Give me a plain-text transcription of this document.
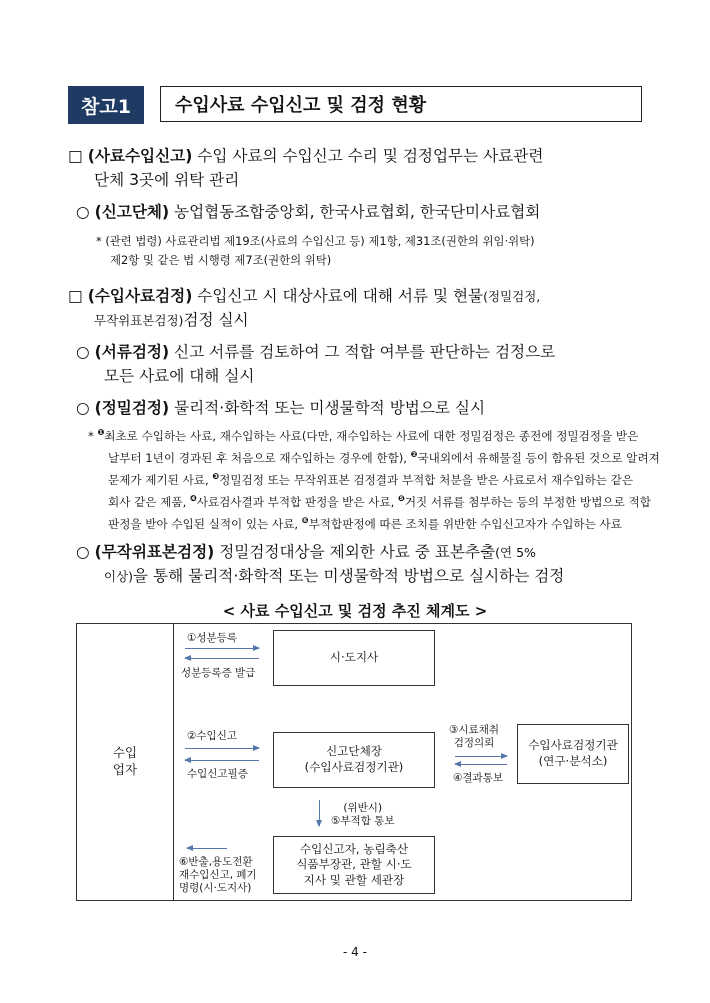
참고1	수입사료 수입신고 및 검정 현황

□ (사료수입신고) 수입 사료의 수입신고 수리 및 검정업무는 사료관련

단체 3곳에 위탁 관리

○ (신고단체) 농업협동조합중앙회, 한국사료협회, 한국단미사료협회

* (관련 법령) 사료관리법 제19조(사료의 수입신고 등) 제1항, 제31조(권한의 위임·위탁)

제2항 및 같은 법 시행령 제7조(권한의 위탁)

□ (수입사료검정) 수입신고 시 대상사료에 대해 서류 및 현물(정밀검정,

무작위표본검정)검정 실시

○ (서류검정) 신고 서류를 검토하여 그 적합 여부를 판단하는 검정으로

모든 사료에 대해 실시

○ (정밀검정) 물리적·화학적 또는 미생물학적 방법으로 실시

* $^❶$최초로 수입하는 사료, 재수입하는 사료(다만, 재수입하는 사료에 대한 정밀검정은 종전에 정밀검정을 받은

날부터 1년이 경과된 후 처음으로 재수입하는 경우에 한함), $^❷$국내외에서 유해물질 등이 함유된 것으로 알려져

문제가 제기된 사료, $^❸$정밀검정 또는 무작위표본 검정결과 부적합 처분을 받은 사료로서 재수입하는 같은

회사 같은 제품, $^❹$사료검사결과 부적합 판정을 받은 사료, $^❺$거짓 서류를 첨부하는 등의 부정한 방법으로 적합

판정을 받아 수입된 실적이 있는 사료, $^❻$부적합판정에 따른 조치를 위반한 수입신고자가 수입하는 사료

○ (무작위표본검정) 정밀검정대상을 제외한 사료 중 표본추출(연 5%

이상)을 통해 물리적·화학적 또는 미생물학적 방법으로 실시하는 검정

< 사료 수입신고 및 검정 추진 체계도 >
수입
업자
①성분등록
성분등록증 발급
시·도지사
②수입신고
수입신고필증
신고단체장
(수입사료검정기관)
③시료채취
검정의뢰
④결과통보
수입사료검정기관
(연구·분석소)
(위반시)
⑤부적합 통보
⑥반출,용도전환
재수입신고, 폐기
명령(시·도지사)
수입신고자, 농림축산
식품부장관, 관할 시·도
지사 및 관할 세관장
- 4 -
